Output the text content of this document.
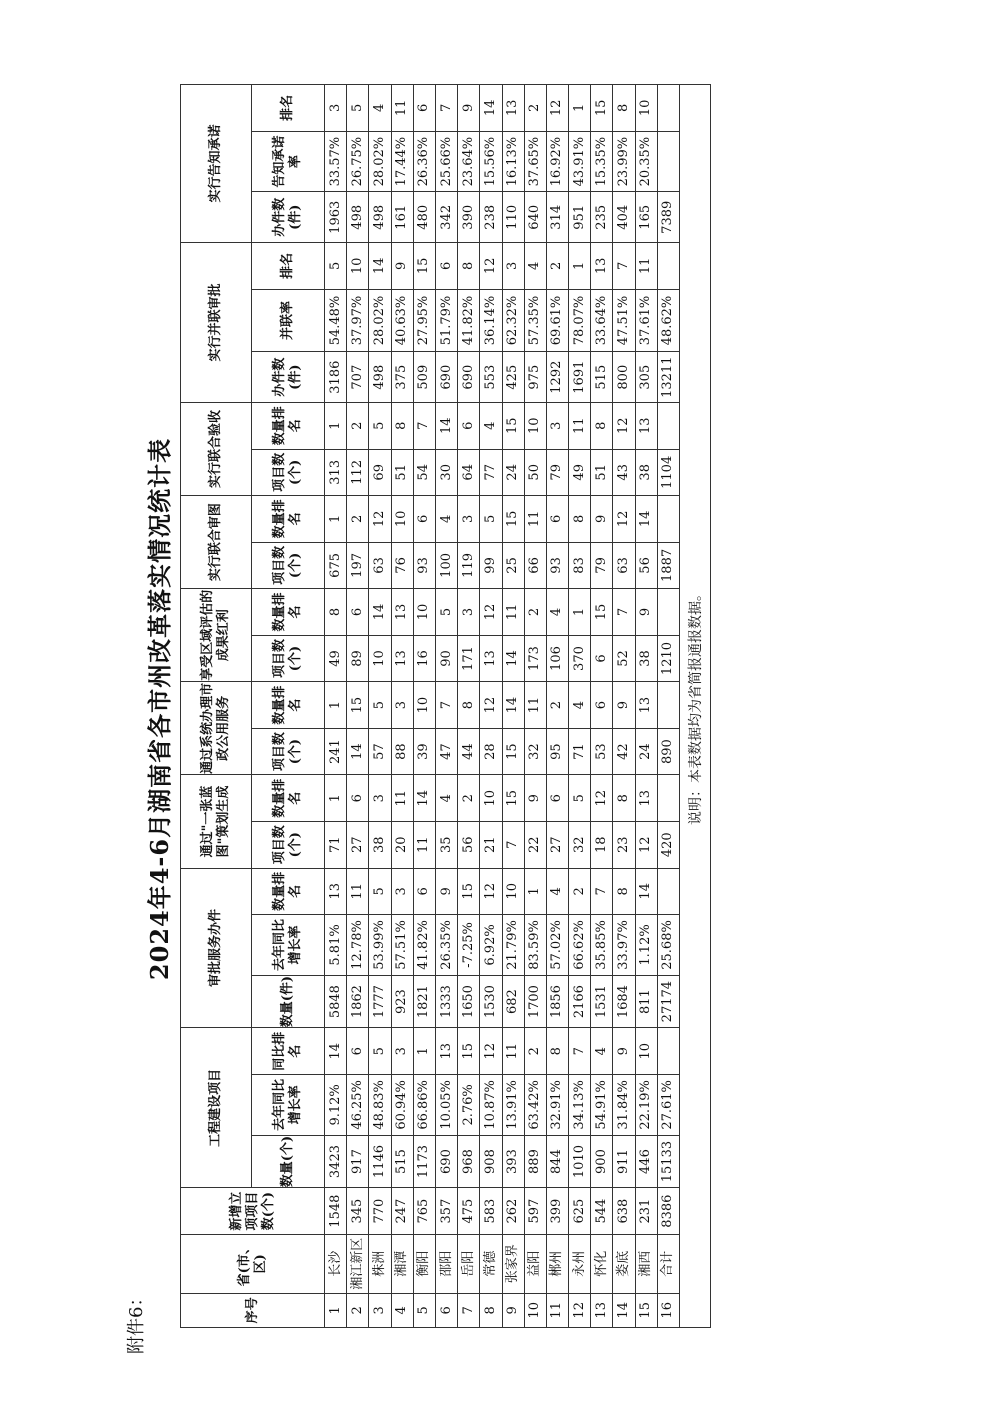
附件6：
2024年4-6月湖南省各市州改革落实情况统计表
序号	省(市、区)	新增立项项目数(个)	工程建设项目			审批服务办件			通过"一张蓝图"策划生成		通过系统办理市政公用服务		享受区域评估的成果红利		实行联合审图		实行联合验收		实行并联审批			实行告知承诺		
			数量(个)	去年同比增长率	同比排名	数量(件)	去年同比增长率	数量排名	项目数(个)	数量排名	项目数(个)	数量排名	项目数(个)	数量排名	项目数(个)	数量排名	项目数(个)	数量排名	办件数(件)	并联率	排名	办件数(件)	告知承诺率	排名
1	长沙	1548	3423	9.12%	14	5848	5.81%	13	71	1	241	1	49	8	675	1	313	1	3186	54.48%	5	1963	33.57%	3
2	湘江新区	345	917	46.25%	6	1862	12.78%	11	27	6	14	15	89	6	197	2	112	2	707	37.97%	10	498	26.75%	5
3	株洲	770	1146	48.83%	5	1777	53.99%	5	38	3	57	5	10	14	63	12	69	5	498	28.02%	14	498	28.02%	4
4	湘潭	247	515	60.94%	3	923	57.51%	3	20	11	88	3	13	13	76	10	51	8	375	40.63%	9	161	17.44%	11
5	衡阳	765	1173	66.86%	1	1821	41.82%	6	11	14	39	10	16	10	93	6	54	7	509	27.95%	15	480	26.36%	6
6	邵阳	357	690	10.05%	13	1333	26.35%	9	35	4	47	7	90	5	100	4	30	14	690	51.79%	6	342	25.66%	7
7	岳阳	475	968	2.76%	15	1650	-7.25%	15	56	2	44	8	171	3	119	3	64	6	690	41.82%	8	390	23.64%	9
8	常德	583	908	10.87%	12	1530	6.92%	12	21	10	28	12	13	12	99	5	77	4	553	36.14%	12	238	15.56%	14
9	张家界	262	393	13.91%	11	682	21.79%	10	7	15	15	14	14	11	25	15	24	15	425	62.32%	3	110	16.13%	13
10	益阳	597	889	63.42%	2	1700	83.59%	1	22	9	32	11	173	2	66	11	50	10	975	57.35%	4	640	37.65%	2
11	郴州	399	844	32.91%	8	1856	57.02%	4	27	6	95	2	106	4	93	6	79	3	1292	69.61%	2	314	16.92%	12
12	永州	625	1010	34.13%	7	2166	66.62%	2	32	5	71	4	370	1	83	8	49	11	1691	78.07%	1	951	43.91%	1
13	怀化	544	900	54.91%	4	1531	35.85%	7	18	12	53	6	6	15	79	9	51	8	515	33.64%	13	235	15.35%	15
14	娄底	638	911	31.84%	9	1684	33.97%	8	23	8	42	9	52	7	63	12	43	12	800	47.51%	7	404	23.99%	8
15	湘西	231	446	22.19%	10	811	1.12%	14	12	13	24	13	38	9	56	14	38	13	305	37.61%	11	165	20.35%	10
16	合计	8386	15133	27.61%		27174	25.68%		420		890		1210		1887		1104		13211	48.62%		7389		
说明：本表数据均为省简报通报数据。																								
